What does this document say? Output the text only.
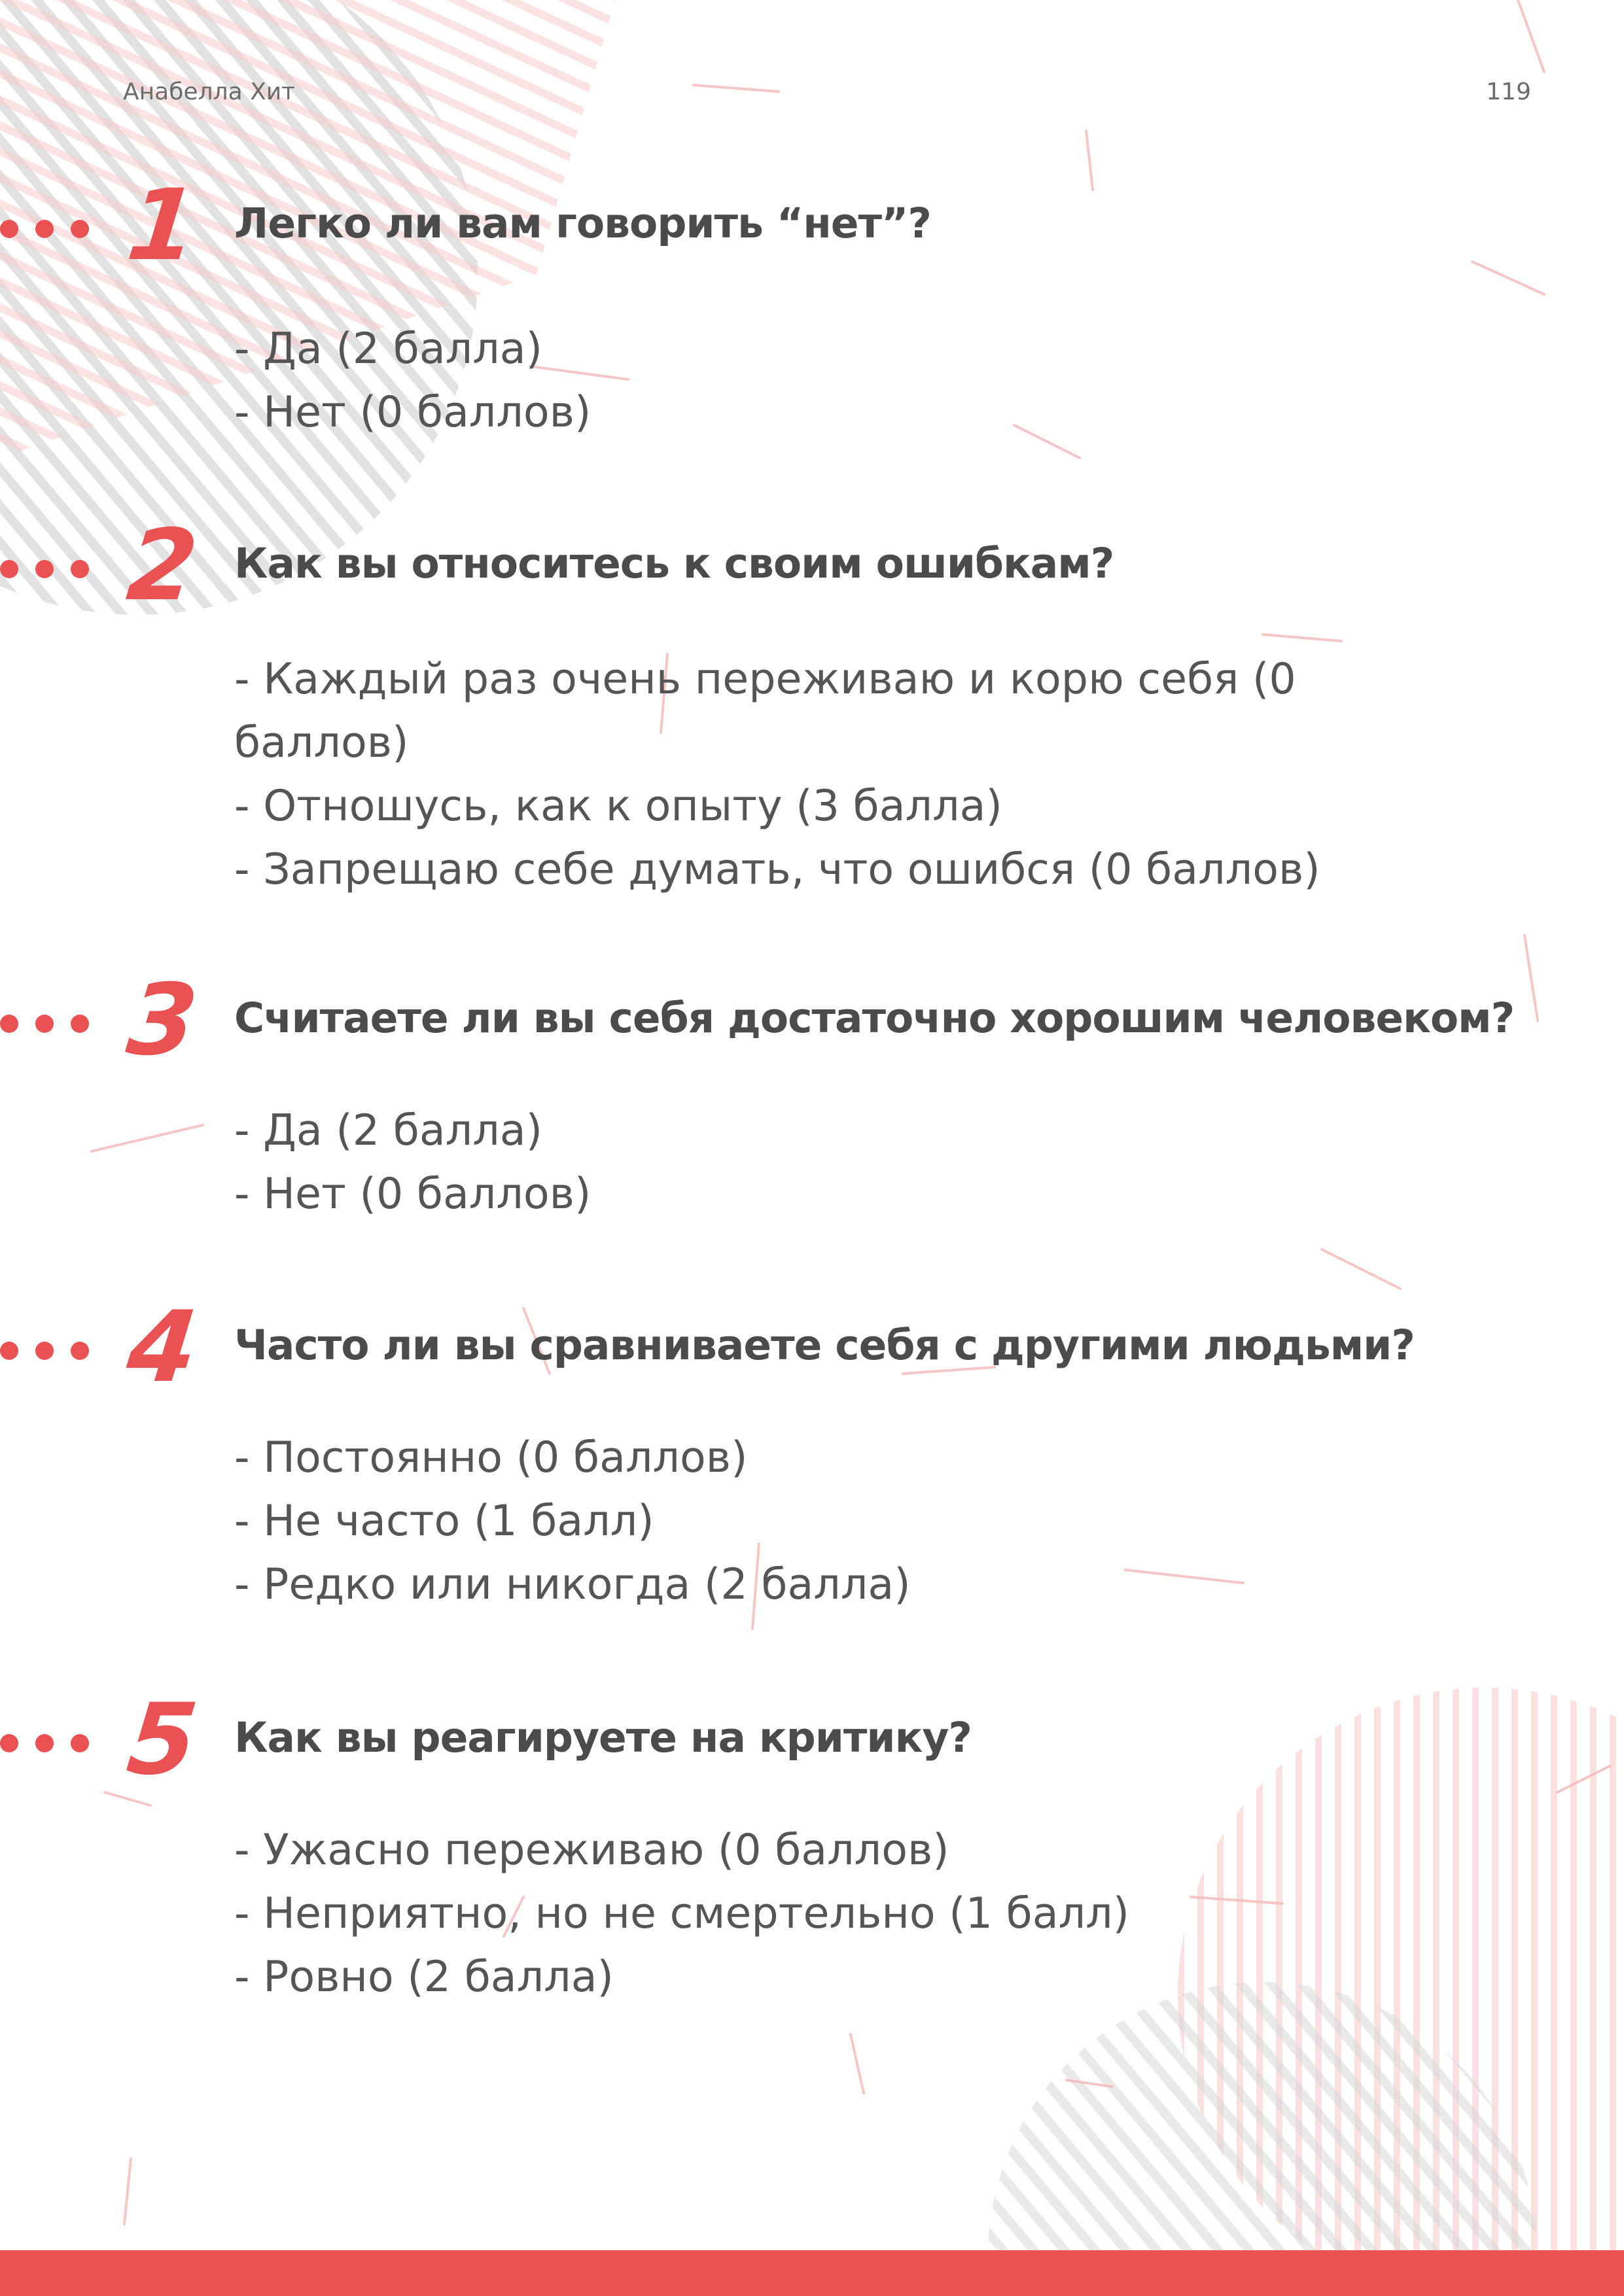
Анабелла Хит	119
1 Легко ли вам говорить “нет”?
- Да (2 балла)
- Нет (0 баллов)
2 Как вы относитесь к своим ошибкам?
- Каждый раз очень переживаю и корю себя (0 баллов)
- Отношусь, как к опыту (3 балла)
- Запрещаю себе думать, что ошибся (0 баллов)
3 Считаете ли вы себя достаточно хорошим человеком?
- Да (2 балла)
- Нет (0 баллов)
4 Часто ли вы сравниваете себя с другими людьми?
- Постоянно (0 баллов)
- Не часто (1 балл)
- Редко или никогда (2 балла)
5 Как вы реагируете на критику?
- Ужасно переживаю (0 баллов)
- Неприятно, но не смертельно (1 балл)
- Ровно (2 балла)
